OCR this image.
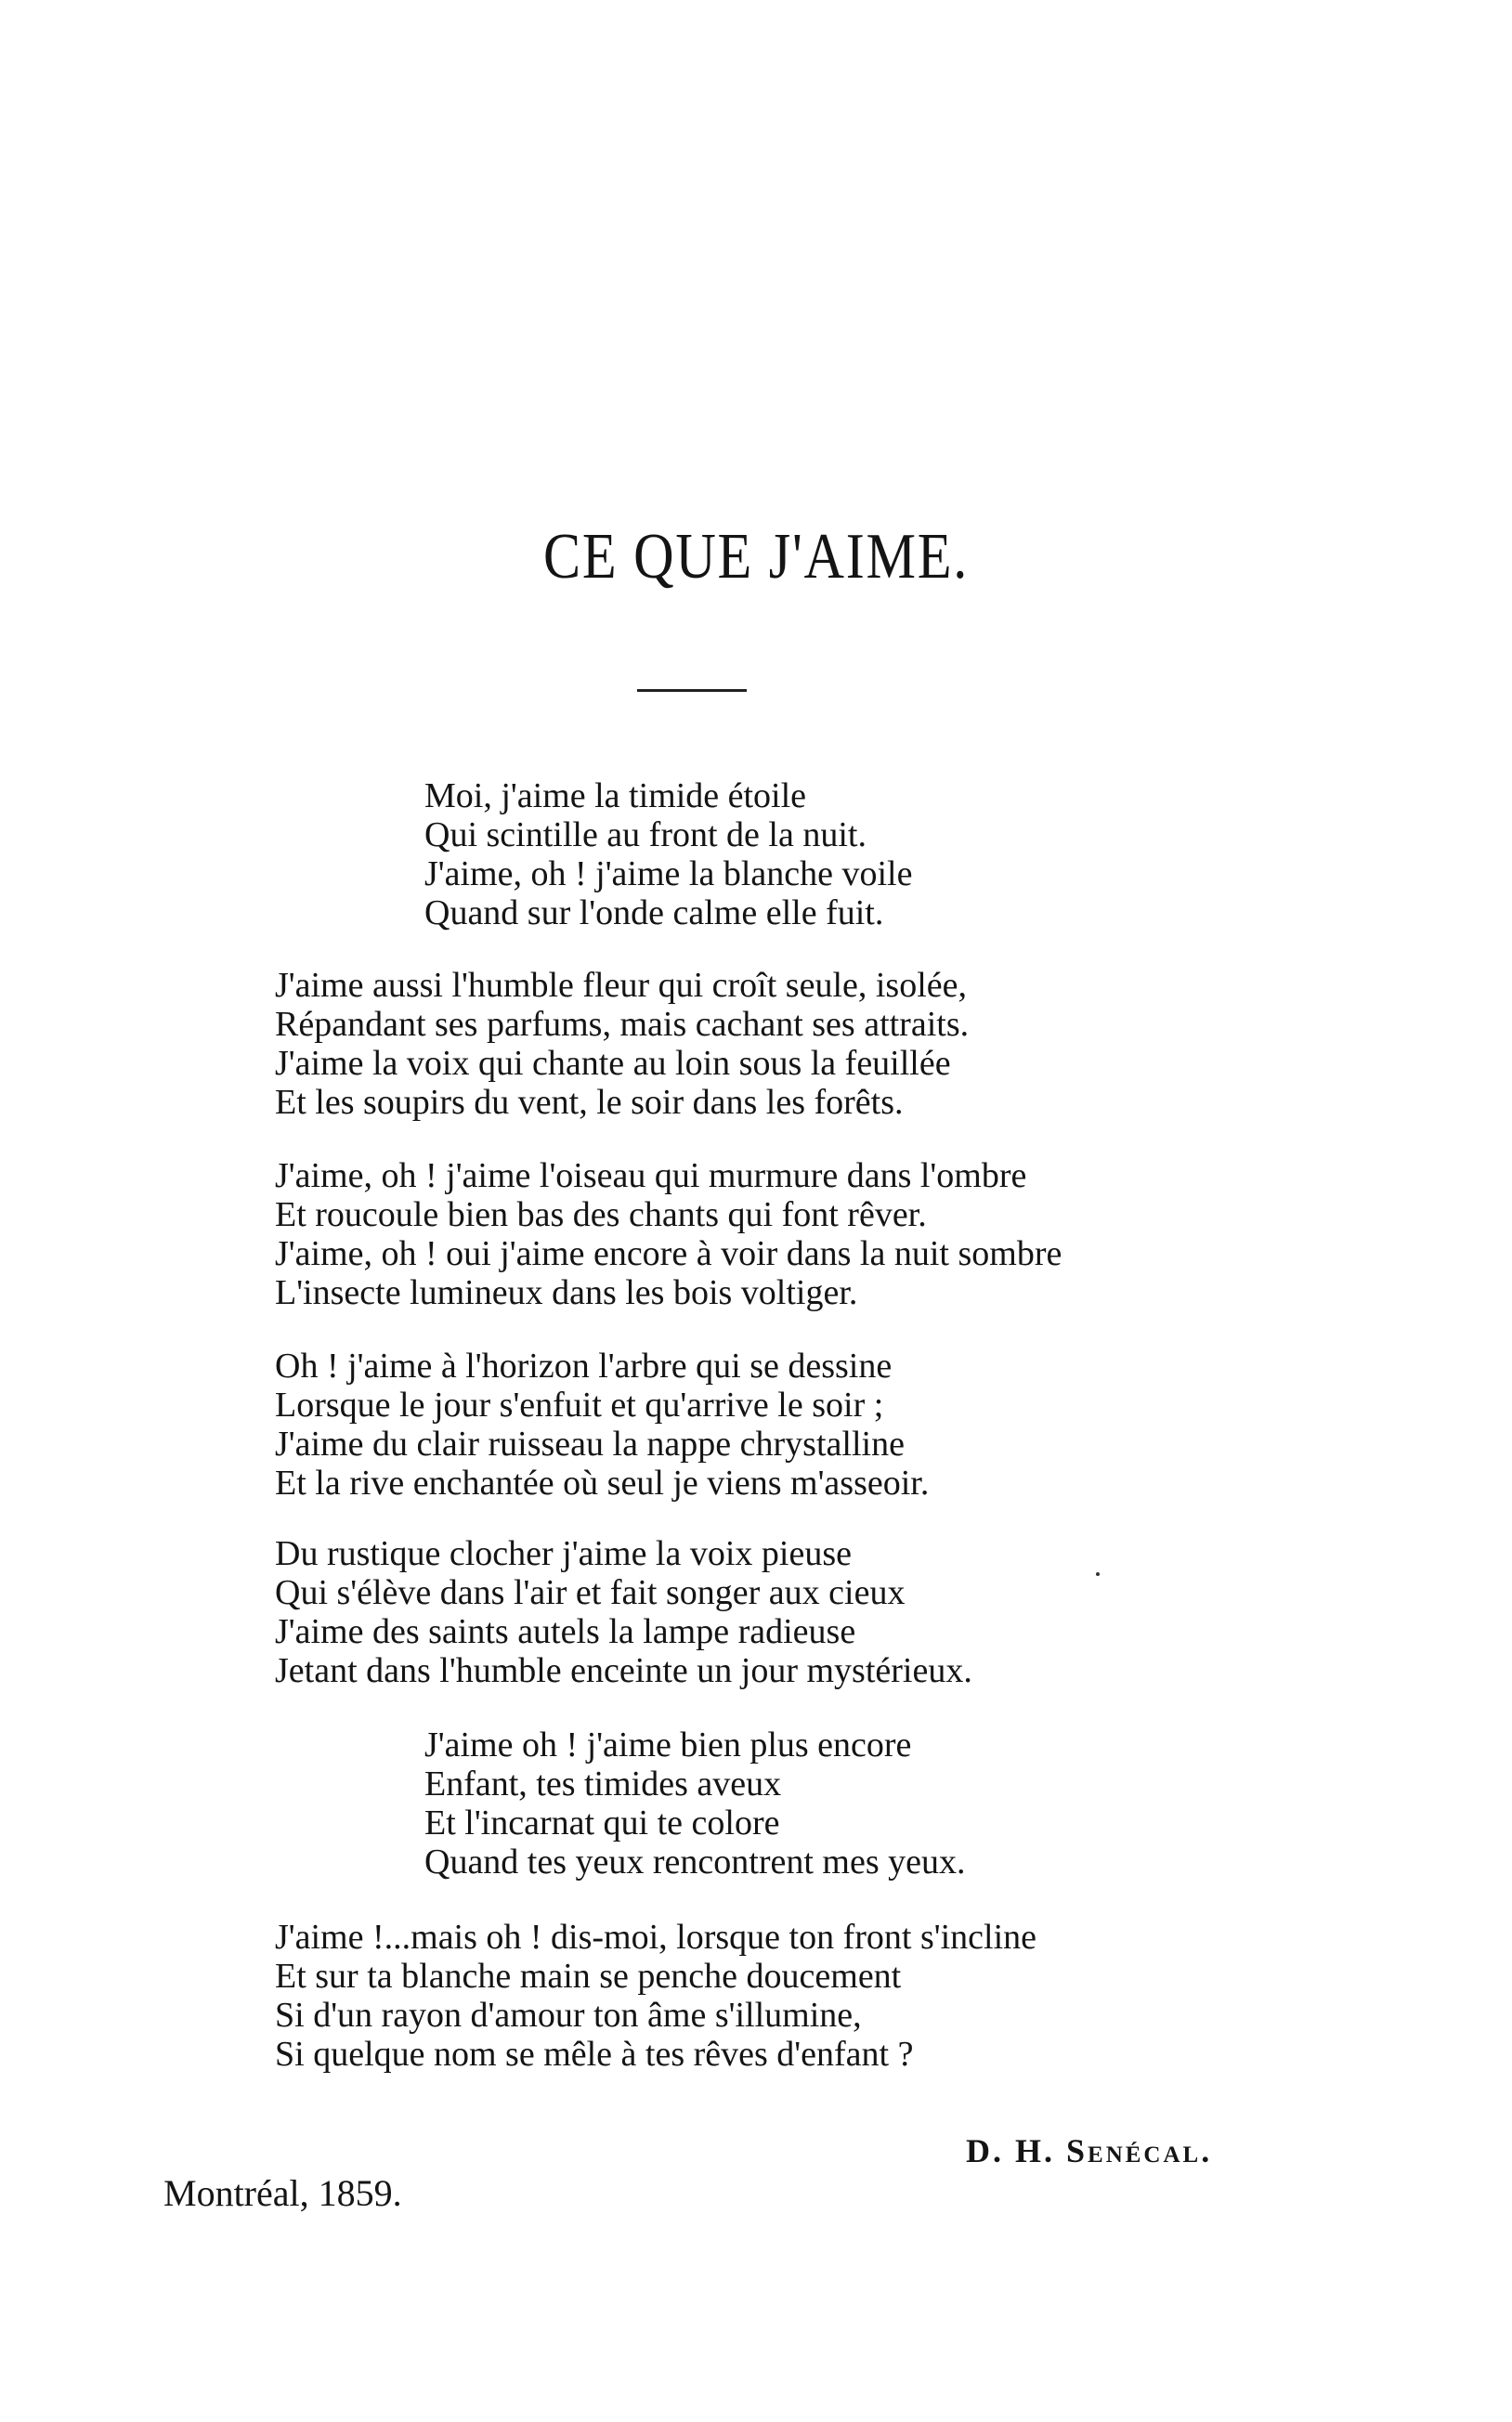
CE QUE J'AIME.
Moi, j'aime la timide étoile
Qui scintille au front de la nuit.
J'aime, oh ! j'aime la blanche voile
Quand sur l'onde calme elle fuit.
J'aime aussi l'humble fleur qui croît seule, isolée,
Répandant ses parfums, mais cachant ses attraits.
J'aime la voix qui chante au loin sous la feuillée
Et les soupirs du vent, le soir dans les forêts.
J'aime, oh ! j'aime l'oiseau qui murmure dans l'ombre
Et roucoule bien bas des chants qui font rêver.
J'aime, oh ! oui j'aime encore à voir dans la nuit sombre
L'insecte lumineux dans les bois voltiger.
Oh ! j'aime à l'horizon l'arbre qui se dessine
Lorsque le jour s'enfuit et qu'arrive le soir ;
J'aime du clair ruisseau la nappe chrystalline
Et la rive enchantée où seul je viens m'asseoir.
Du rustique clocher j'aime la voix pieuse
Qui s'élève dans l'air et fait songer aux cieux
J'aime des saints autels la lampe radieuse
Jetant dans l'humble enceinte un jour mystérieux.
J'aime oh ! j'aime bien plus encore
Enfant, tes timides aveux
Et l'incarnat qui te colore
Quand tes yeux rencontrent mes yeux.
J'aime !...mais oh ! dis-moi, lorsque ton front s'incline
Et sur ta blanche main se penche doucement
Si d'un rayon d'amour ton âme s'illumine,
Si quelque nom se mêle à tes rêves d'enfant ?
D. H. Senécal.
Montréal, 1859.
